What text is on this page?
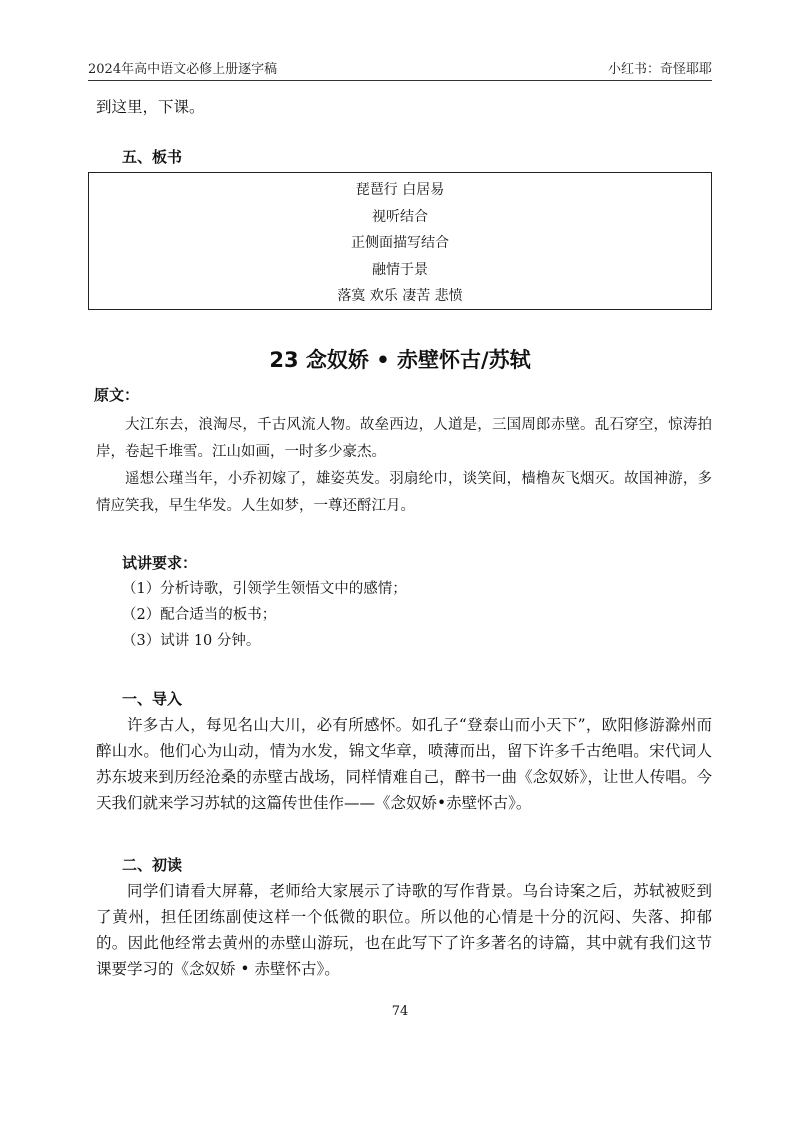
2024年高中语文必修上册逐字稿	小红书：奇怪耶耶

到这里，下课。

五、板书
琵琶行 白居易
视听结合
正侧面描写结合
融情于景
落寞 欢乐 凄苦 悲愤
23 念奴娇 • 赤壁怀古/苏轼
原文：

大江东去，浪淘尽，千古风流人物。故垒西边，人道是，三国周郎赤壁。乱石穿空，惊涛拍岸，卷起千堆雪。江山如画，一时多少豪杰。

遥想公瑾当年，小乔初嫁了，雄姿英发。羽扇纶巾，谈笑间，樯橹灰飞烟灭。故国神游，多情应笑我，早生华发。人生如梦，一尊还酹江月。

试讲要求：
（1）分析诗歌，引领学生领悟文中的感情；
（2）配合适当的板书；
（3）试讲 10 分钟。
一、导入

许多古人，每见名山大川，必有所感怀。如孔子“登泰山而小天下”，欧阳修游滁州而醉山水。他们心为山动，情为水发，锦文华章，喷薄而出，留下许多千古绝唱。宋代词人苏东坡来到历经沧桑的赤壁古战场，同样情难自己，醉书一曲《念奴娇》，让世人传唱。今天我们就来学习苏轼的这篇传世佳作——《念奴娇•赤壁怀古》。

二、初读

同学们请看大屏幕，老师给大家展示了诗歌的写作背景。乌台诗案之后，苏轼被贬到了黄州，担任团练副使这样一个低微的职位。所以他的心情是十分的沉闷、失落、抑郁的。因此他经常去黄州的赤壁山游玩，也在此写下了许多著名的诗篇，其中就有我们这节课要学习的《念奴娇 • 赤壁怀古》。

74
